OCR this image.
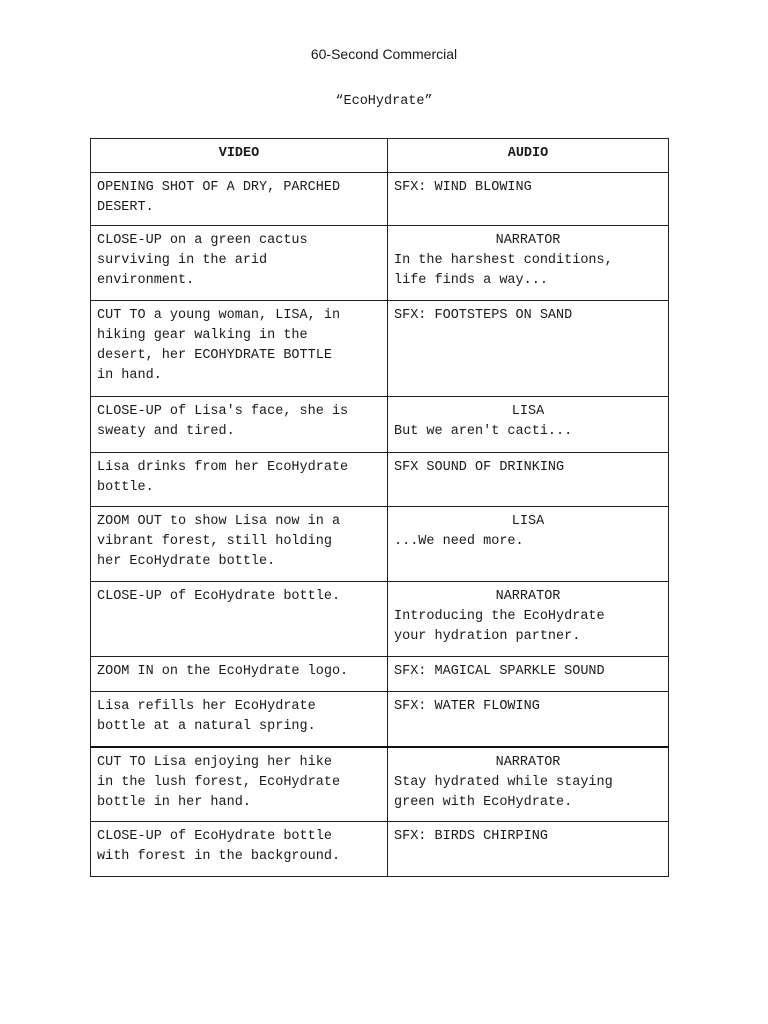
60-Second Commercial
“EcoHydrate”
VIDEO	AUDIO

OPENING SHOT OF A DRY, PARCHED
DESERT.	SFX: WIND BLOWING

CLOSE-UP on a green cactus
surviving in the arid
environment.	NARRATOR
In the harshest conditions,
life finds a way...

CUT TO a young woman, LISA, in
hiking gear walking in the
desert, her ECOHYDRATE BOTTLE
in hand.	SFX: FOOTSTEPS ON SAND

CLOSE-UP of Lisa's face, she is
sweaty and tired.	LISA
But we aren't cacti...

Lisa drinks from her EcoHydrate
bottle.	SFX SOUND OF DRINKING

ZOOM OUT to show Lisa now in a
vibrant forest, still holding
her EcoHydrate bottle.	LISA
...We need more.

CLOSE-UP of EcoHydrate bottle.	NARRATOR
Introducing the EcoHydrate
your hydration partner.

ZOOM IN on the EcoHydrate logo.	SFX: MAGICAL SPARKLE SOUND

Lisa refills her EcoHydrate
bottle at a natural spring.	SFX: WATER FLOWING

CUT TO Lisa enjoying her hike
in the lush forest, EcoHydrate
bottle in her hand.	NARRATOR
Stay hydrated while staying
green with EcoHydrate.

CLOSE-UP of EcoHydrate bottle
with forest in the background.	SFX: BIRDS CHIRPING
